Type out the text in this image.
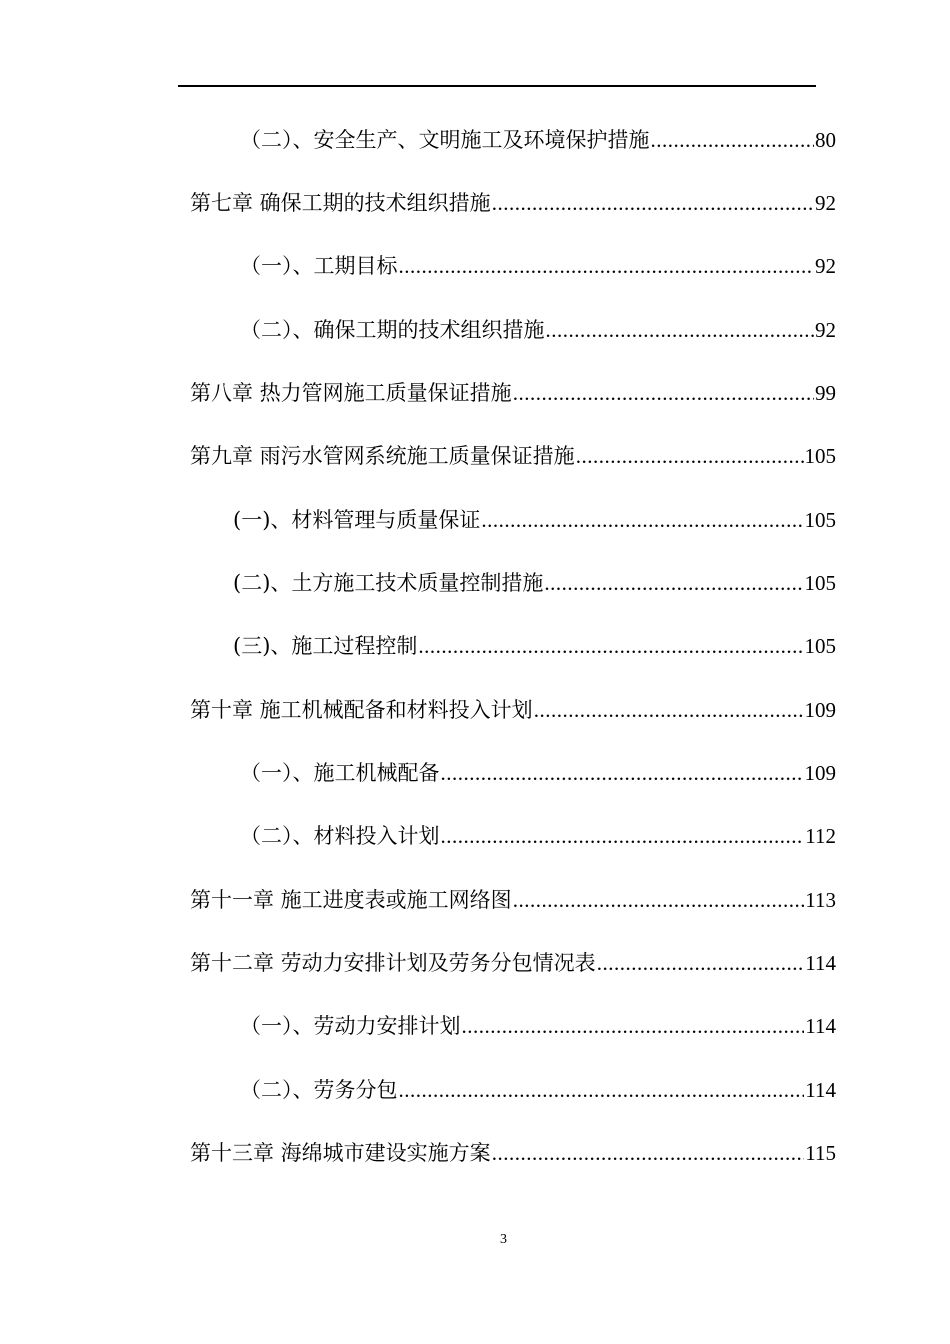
（二）、安全生产、文明施工及环境保护措施 .....	80
第七章 确保工期的技术组织措施 .....	92
（一）、工期目标 .....	92
（二）、确保工期的技术组织措施 .....	92
第八章 热力管网施工质量保证措施 .....	99
第九章 雨污水管网系统施工质量保证措施 .....	105
(一)、材料管理与质量保证 .....	105
(二)、土方施工技术质量控制措施 .....	105
(三)、施工过程控制 .....	105
第十章 施工机械配备和材料投入计划 .....	109
（一）、施工机械配备 .....	109
（二）、材料投入计划 .....	112
第十一章 施工进度表或施工网络图 .....	113
第十二章 劳动力安排计划及劳务分包情况表 .....	114
（一）、劳动力安排计划 .....	114
（二）、劳务分包 .....	114
第十三章 海绵城市建设实施方案 .....	115
3
